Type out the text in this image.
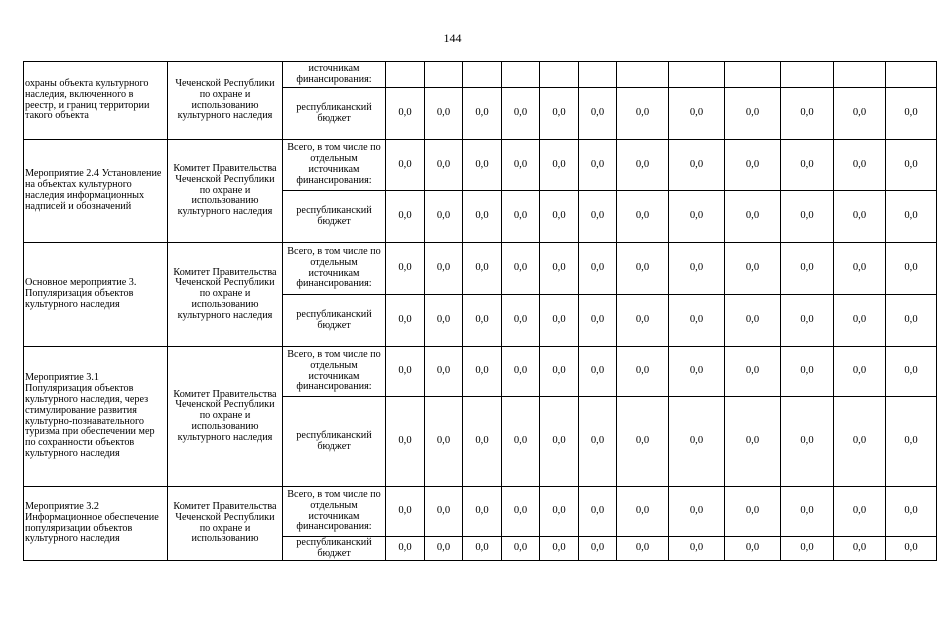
144
охраны объекта культурного наследия, включенного в реестр, и границ территории такого объекта	Чеченской Республики по охране и использованию культурного наследия	источникам финансирования:												
		республиканский бюджет	0,0	0,0	0,0	0,0	0,0	0,0	0,0	0,0	0,0	0,0	0,0	0,0
Мероприятие 2.4 Установление на объектах культурного наследия информационных надписей и обозначений	Комитет Правительства Чеченской Республики по охране и использованию культурного наследия	Всего, в том числе по отдельным источникам финансирования:	0,0	0,0	0,0	0,0	0,0	0,0	0,0	0,0	0,0	0,0	0,0	0,0
		республиканский бюджет	0,0	0,0	0,0	0,0	0,0	0,0	0,0	0,0	0,0	0,0	0,0	0,0
Основное мероприятие 3. Популяризация объектов культурного наследия	Комитет Правительства Чеченской Республики по охране и использованию культурного наследия	Всего, в том числе по отдельным источникам финансирования:	0,0	0,0	0,0	0,0	0,0	0,0	0,0	0,0	0,0	0,0	0,0	0,0
		республиканский бюджет	0,0	0,0	0,0	0,0	0,0	0,0	0,0	0,0	0,0	0,0	0,0	0,0
Мероприятие 3.1 Популяризация объектов культурного наследия, через стимулирование развития культурно-познавательного туризма при обеспечении мер по сохранности объектов культурного наследия	Комитет Правительства Чеченской Республики по охране и использованию культурного наследия	Всего, в том числе по отдельным источникам финансирования:	0,0	0,0	0,0	0,0	0,0	0,0	0,0	0,0	0,0	0,0	0,0	0,0
		республиканский бюджет	0,0	0,0	0,0	0,0	0,0	0,0	0,0	0,0	0,0	0,0	0,0	0,0
Мероприятие 3.2 Информационное обеспечение популяризации объектов культурного наследия	Комитет Правительства Чеченской Республики по охране и использованию	Всего, в том числе по отдельным источникам финансирования:	0,0	0,0	0,0	0,0	0,0	0,0	0,0	0,0	0,0	0,0	0,0	0,0
		республиканский бюджет	0,0	0,0	0,0	0,0	0,0	0,0	0,0	0,0	0,0	0,0	0,0	0,0
